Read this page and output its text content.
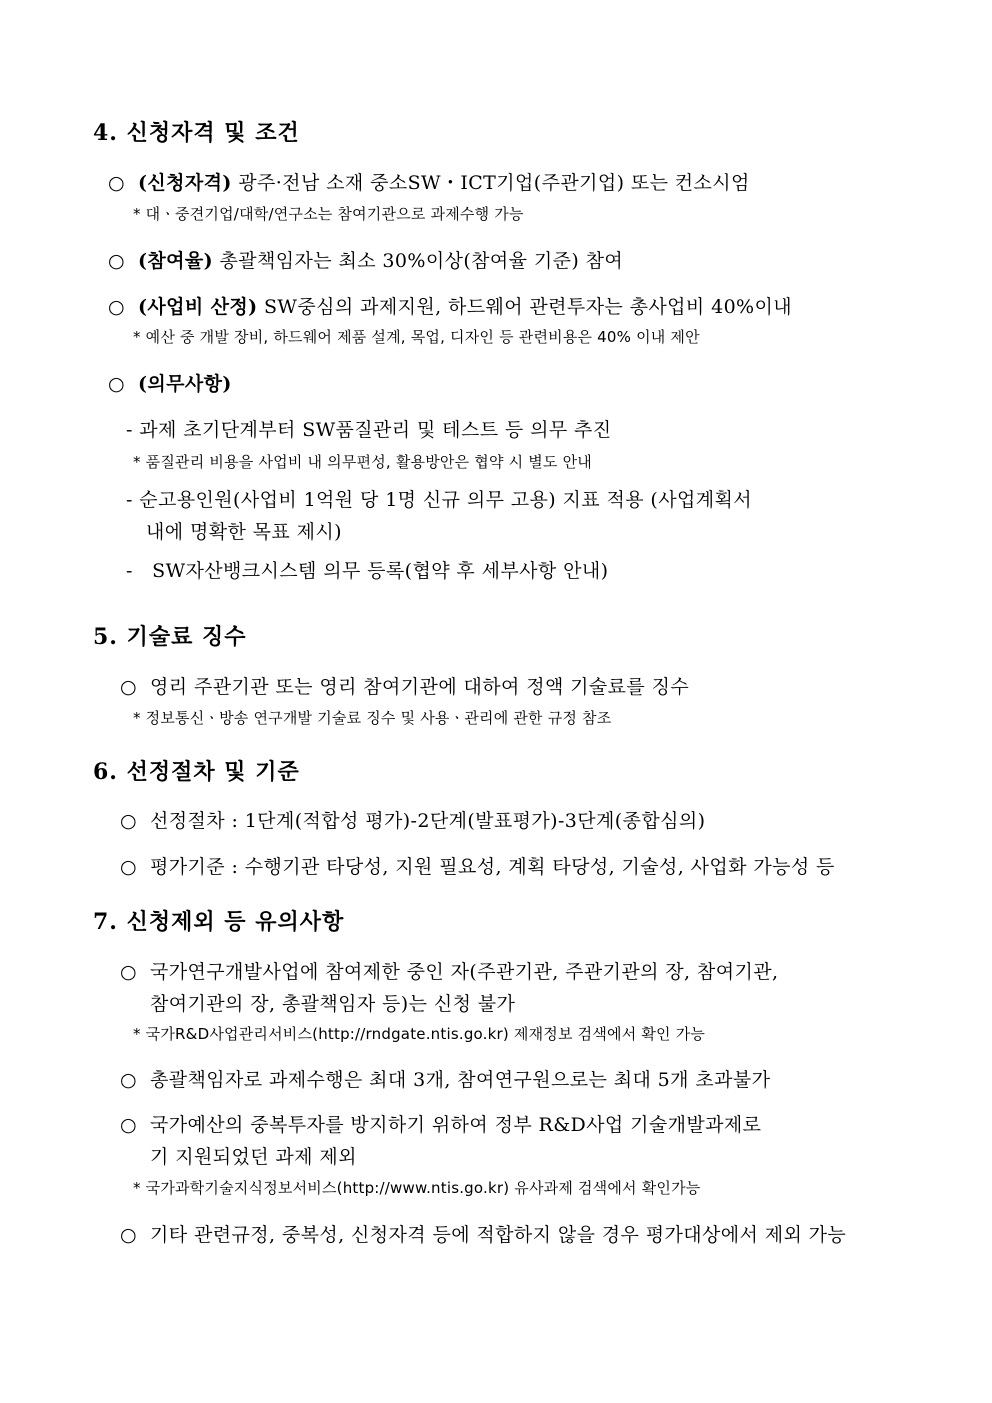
4. 신청자격 및 조건
○ (신청자격) 광주·전남 소재 중소SW・ICT기업(주관기업) 또는 컨소시엄
* 대ㆍ중견기업/대학/연구소는 참여기관으로 과제수행 가능
○ (참여율) 총괄책임자는 최소 30%이상(참여율 기준) 참여
○ (사업비 산정) SW중심의 과제지원, 하드웨어 관련투자는 총사업비 40%이내
* 예산 중 개발 장비, 하드웨어 제품 설계, 목업, 디자인 등 관련비용은 40% 이내 제안
○ (의무사항)
- 과제 초기단계부터 SW품질관리 및 테스트 등 의무 추진
* 품질관리 비용을 사업비 내 의무편성, 활용방안은 협약 시 별도 안내
- 순고용인원(사업비 1억원 당 1명 신규 의무 고용) 지표 적용 (사업계획서
내에 명확한 목표 제시)
- SW자산뱅크시스템 의무 등록(협약 후 세부사항 안내)
5. 기술료 징수
○ 영리 주관기관 또는 영리 참여기관에 대하여 정액 기술료를 징수
* 정보통신ㆍ방송 연구개발 기술료 징수 및 사용ㆍ관리에 관한 규정 참조
6. 선정절차 및 기준
○ 선정절차 : 1단계(적합성 평가)-2단계(발표평가)-3단계(종합심의)
○ 평가기준 : 수행기관 타당성, 지원 필요성, 계획 타당성, 기술성, 사업화 가능성 등
7. 신청제외 등 유의사항
○ 국가연구개발사업에 참여제한 중인 자(주관기관, 주관기관의 장, 참여기관,
참여기관의 장, 총괄책임자 등)는 신청 불가
* 국가R&D사업관리서비스(http://rndgate.ntis.go.kr) 제재정보 검색에서 확인 가능
○ 총괄책임자로 과제수행은 최대 3개, 참여연구원으로는 최대 5개 초과불가
○ 국가예산의 중복투자를 방지하기 위하여 정부 R&D사업 기술개발과제로
기 지원되었던 과제 제외
* 국가과학기술지식정보서비스(http://www.ntis.go.kr) 유사과제 검색에서 확인가능
○ 기타 관련규정, 중복성, 신청자격 등에 적합하지 않을 경우 평가대상에서 제외 가능
